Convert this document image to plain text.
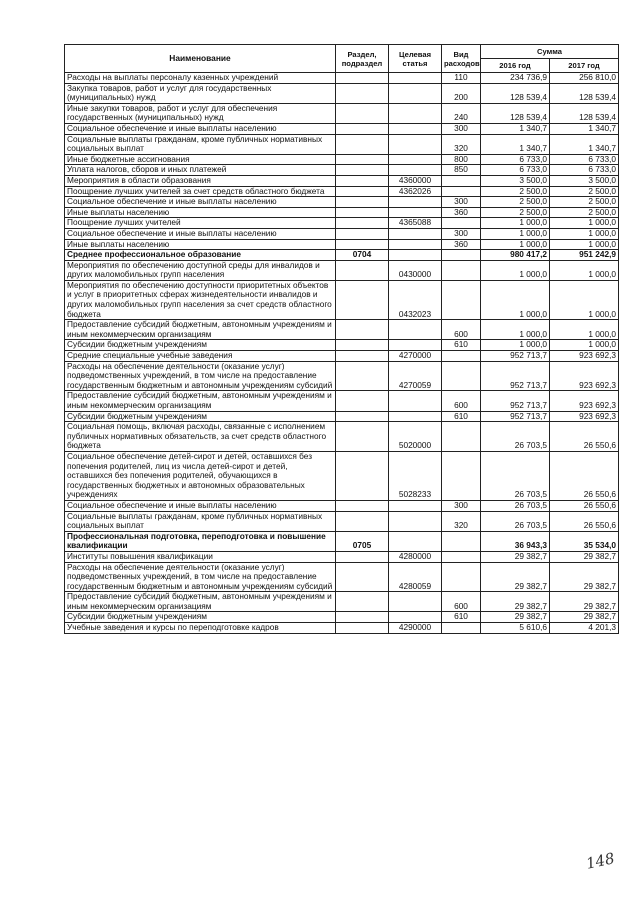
Наименование	Раздел, подраздел	Целевая статья	Вид расходов	Сумма	
				2016 год	2017 год
Расходы на выплаты персоналу казенных учреждений			110	234 736,9	256 810,0
Закупка товаров, работ и услуг для государственных (муниципальных) нужд			200	128 539,4	128 539,4
Иные закупки товаров, работ и услуг для обеспечения государственных (муниципальных) нужд			240	128 539,4	128 539,4
Социальное обеспечение и иные выплаты населению			300	1 340,7	1 340,7
Социальные выплаты гражданам, кроме публичных нормативных социальных выплат			320	1 340,7	1 340,7
Иные бюджетные ассигнования			800	6 733,0	6 733,0
Уплата налогов, сборов и иных платежей			850	6 733,0	6 733,0
Мероприятия в области образования		4360000		3 500,0	3 500,0
Поощрение лучших учителей за счет средств областного бюджета		4362026		2 500,0	2 500,0
Социальное обеспечение и иные выплаты населению			300	2 500,0	2 500,0
Иные выплаты населению			360	2 500,0	2 500,0
Поощрение лучших учителей		4365088		1 000,0	1 000,0
Социальное обеспечение и иные выплаты населению			300	1 000,0	1 000,0
Иные выплаты населению			360	1 000,0	1 000,0
Среднее профессиональное образование	0704			980 417,2	951 242,9
Мероприятия по обеспечению доступной среды для инвалидов и других маломобильных групп населения		0430000		1 000,0	1 000,0
Мероприятия по обеспечению доступности приоритетных объектов и услуг в приоритетных сферах жизнедеятельности инвалидов и других маломобильных групп населения за счет средств областного бюджета		0432023		1 000,0	1 000,0
Предоставление субсидий бюджетным, автономным учреждениям и иным некоммерческим организациям			600	1 000,0	1 000,0
Субсидии бюджетным учреждениям			610	1 000,0	1 000,0
Средние специальные учебные заведения		4270000		952 713,7	923 692,3
Расходы на обеспечение деятельности (оказание услуг) подведомственных учреждений, в том числе на предоставление государственным бюджетным и автономным учреждениям субсидий		4270059		952 713,7	923 692,3
Предоставление субсидий бюджетным, автономным учреждениям и иным некоммерческим организациям			600	952 713,7	923 692,3
Субсидии бюджетным учреждениям			610	952 713,7	923 692,3
Социальная помощь, включая расходы, связанные с исполнением публичных нормативных обязательств, за счет средств областного бюджета		5020000		26 703,5	26 550,6
Социальное обеспечение детей-сирот и детей, оставшихся без попечения родителей, лиц из числа детей-сирот и детей, оставшихся без попечения родителей, обучающихся в государственных бюджетных и автономных образовательных учреждениях		5028233		26 703,5	26 550,6
Социальное обеспечение и иные выплаты населению			300	26 703,5	26 550,6
Социальные выплаты гражданам, кроме публичных нормативных социальных выплат			320	26 703,5	26 550,6
Профессиональная подготовка, переподготовка и повышение квалификации	0705			36 943,3	35 534,0
Институты повышения квалификации		4280000		29 382,7	29 382,7
Расходы на обеспечение деятельности (оказание услуг) подведомственных учреждений, в том числе на предоставление государственным бюджетным и автономным учреждениям субсидий		4280059		29 382,7	29 382,7
Предоставление субсидий бюджетным, автономным учреждениям и иным некоммерческим организациям			600	29 382,7	29 382,7
Субсидии бюджетным учреждениям			610	29 382,7	29 382,7
Учебные заведения и курсы по переподготовке кадров		4290000		5 610,6	4 201,3
148
